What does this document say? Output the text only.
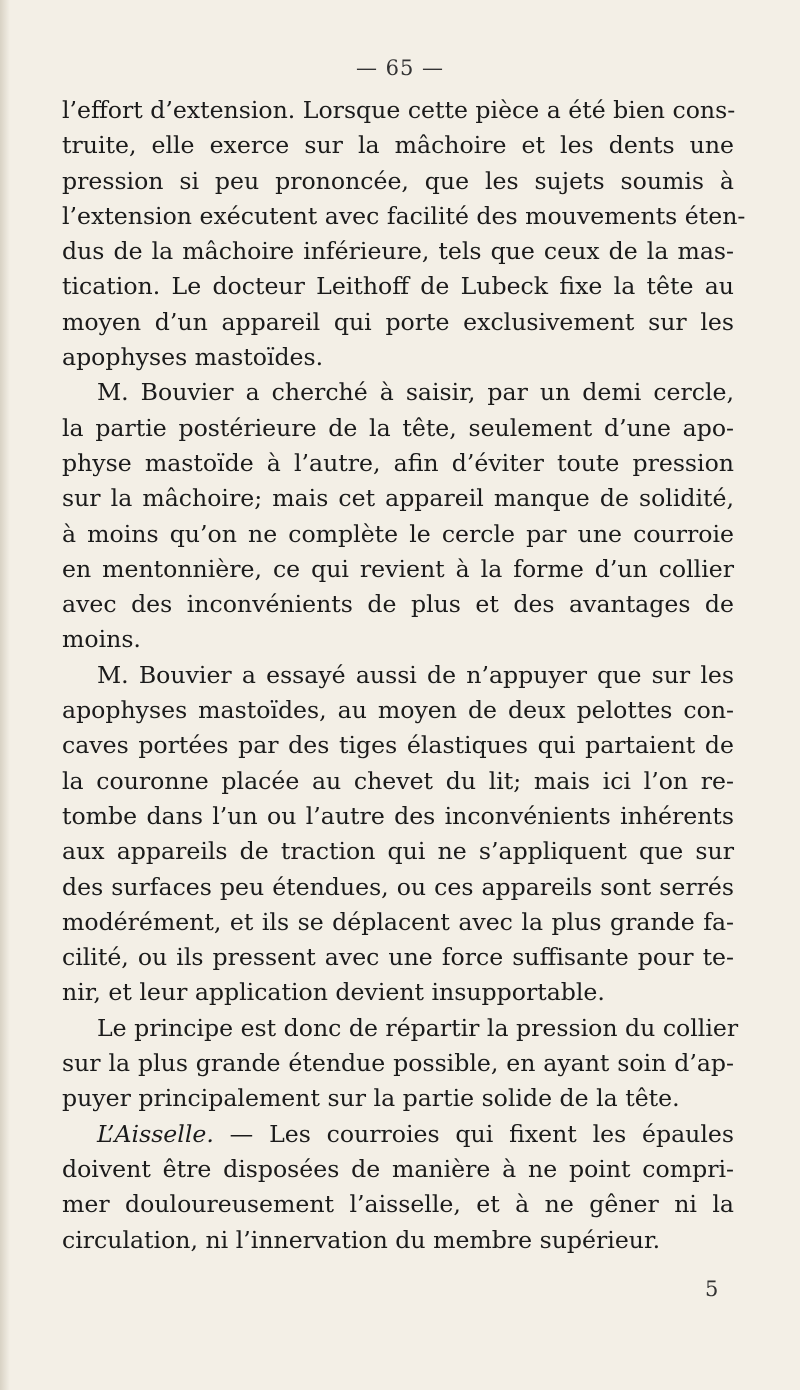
— 65 —

l’effort d’extension. Lorsque cette pièce a été bien cons-
truite, elle exerce sur la mâchoire et les dents une
pression si peu prononcée, que les sujets soumis à
l’extension exécutent avec facilité des mouvements éten-
dus de la mâchoire inférieure, tels que ceux de la mas-
tication. Le docteur Leithoff de Lubeck fixe la tête au
moyen d’un appareil qui porte exclusivement sur les
apophyses mastoïdes.

M. Bouvier a cherché à saisir, par un demi cercle,
la partie postérieure de la tête, seulement d’une apo-
physe mastoïde à l’autre, afin d’éviter toute pression
sur la mâchoire; mais cet appareil manque de solidité,
à moins qu’on ne complète le cercle par une courroie
en mentonnière, ce qui revient à la forme d’un collier
avec des inconvénients de plus et des avantages de
moins.

M. Bouvier a essayé aussi de n’appuyer que sur les
apophyses mastoïdes, au moyen de deux pelottes con-
caves portées par des tiges élastiques qui partaient de
la couronne placée au chevet du lit; mais ici l’on re-
tombe dans l’un ou l’autre des inconvénients inhérents
aux appareils de traction qui ne s’appliquent que sur
des surfaces peu étendues, ou ces appareils sont serrés
modérément, et ils se déplacent avec la plus grande fa-
cilité, ou ils pressent avec une force suffisante pour te-
nir, et leur application devient insupportable.

Le principe est donc de répartir la pression du collier
sur la plus grande étendue possible, en ayant soin d’ap-
puyer principalement sur la partie solide de la tête.

L’Aisselle. — Les courroies qui fixent les épaules
doivent être disposées de manière à ne point compri-
mer douloureusement l’aisselle, et à ne gêner ni la
circulation, ni l’innervation du membre supérieur.

5
